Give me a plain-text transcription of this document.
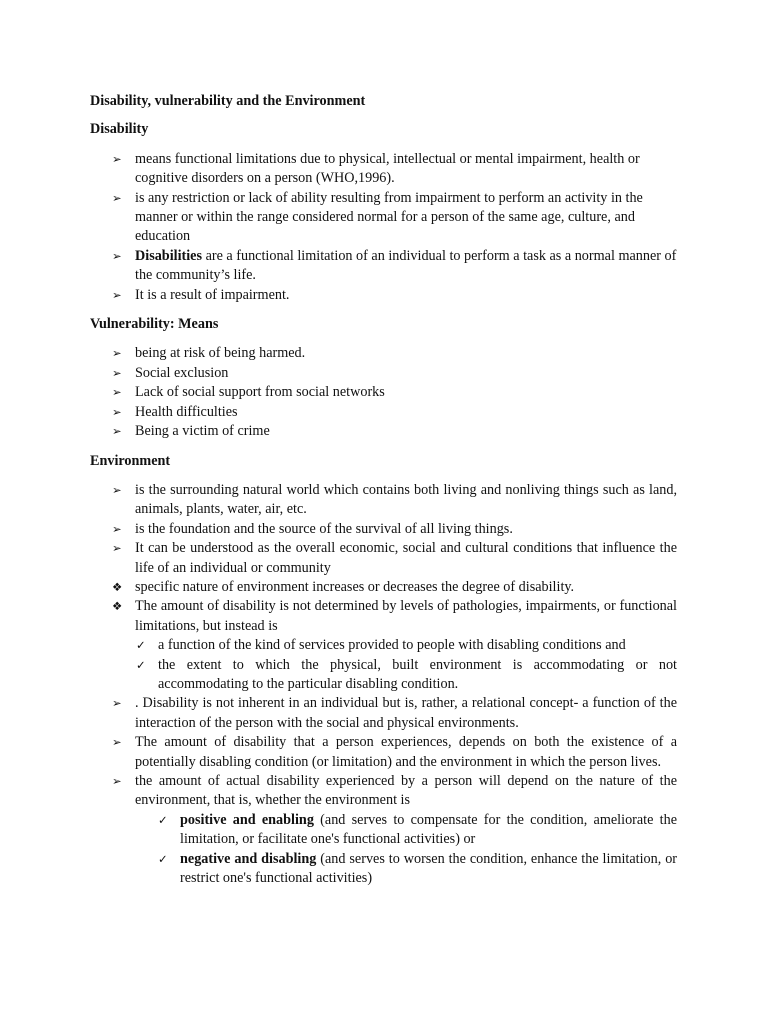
Disability, vulnerability and the Environment

Disability

➢ means functional limitations due to physical, intellectual or mental impairment, health or cognitive disorders on a person (WHO,1996).
➢ is any restriction or lack of ability resulting from impairment to perform an activity in the manner or within the range considered normal for a person of the same age, culture, and education
➢ Disabilities are a functional limitation of an individual to perform a task as a normal manner of the community’s life.
➢ It is a result of impairment.

Vulnerability: Means

➢ being at risk of being harmed.
➢ Social exclusion
➢ Lack of social support from social networks
➢ Health difficulties
➢ Being a victim of crime

Environment

➢ is the surrounding natural world which contains both living and nonliving things such as land, animals, plants, water, air, etc.
➢ is the foundation and the source of the survival of all living things.
➢ It can be understood as the overall economic, social and cultural conditions that influence the life of an individual or community
❖ specific nature of environment increases or decreases the degree of disability.
❖ The amount of disability is not determined by levels of pathologies, impairments, or functional limitations, but instead is
✓ a function of the kind of services provided to people with disabling conditions and
✓ the extent to which the physical, built environment is accommodating or not accommodating to the particular disabling condition.
➢ . Disability is not inherent in an individual but is, rather, a relational concept- a function of the interaction of the person with the social and physical environments.
➢ The amount of disability that a person experiences, depends on both the existence of a potentially disabling condition (or limitation) and the environment in which the person lives.
➢ the amount of actual disability experienced by a person will depend on the nature of the environment, that is, whether the environment is
✓ positive and enabling (and serves to compensate for the condition, ameliorate the limitation, or facilitate one's functional activities) or
✓ negative and disabling (and serves to worsen the condition, enhance the limitation, or restrict one's functional activities)
